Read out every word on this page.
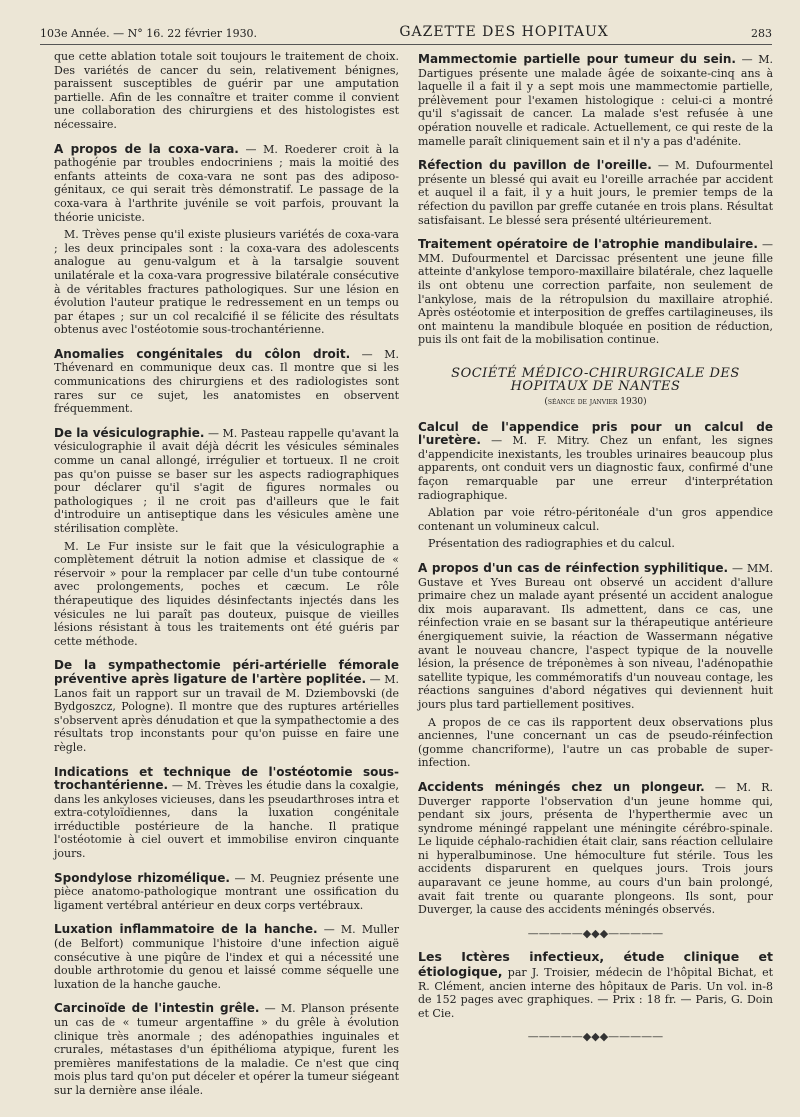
103e Année. — N° 16. 22 février 1930.	GAZETTE DES HOPITAUX	283

que cette ablation totale soit toujours le traitement de choix. Des variétés de cancer du sein, relativement bénignes, paraissent susceptibles de guérir par une amputation partielle. Afin de les connaître et traiter comme il convient une collaboration des chirurgiens et des histologistes est nécessaire.

A propos de la coxa-vara. — M. Roederer croit à la pathogénie par troubles endocriniens ; mais la moitié des enfants atteints de coxa-vara ne sont pas des adiposo-génitaux, ce qui serait très démonstratif. Le passage de la coxa-vara à l'arthrite juvénile se voit parfois, prouvant la théorie uniciste.

M. Trèves pense qu'il existe plusieurs variétés de coxa-vara ; les deux principales sont : la coxa-vara des adolescents analogue au genu-valgum et à la tarsalgie souvent unilatérale et la coxa-vara progressive bilatérale consécutive à de véritables fractures pathologiques. Sur une lésion en évolution l'auteur pratique le redressement en un temps ou par étapes ; sur un col recalcifié il se félicite des résultats obtenus avec l'ostéotomie sous-trochantérienne.

Anomalies congénitales du côlon droit. — M. Thévenard en communique deux cas. Il montre que si les communications des chirurgiens et des radiologistes sont rares sur ce sujet, les anatomistes en observent fréquemment.

De la vésiculographie. — M. Pasteau rappelle qu'avant la vésiculographie il avait déjà décrit les vésicules séminales comme un canal allongé, irrégulier et tortueux. Il ne croit pas qu'on puisse se baser sur les aspects radiographiques pour déclarer qu'il s'agit de figures normales ou pathologiques ; il ne croit pas d'ailleurs que le fait d'introduire un antiseptique dans les vésicules amène une stérilisation complète.

M. Le Fur insiste sur le fait que la vésiculographie a complètement détruit la notion admise et classique de « réservoir » pour la remplacer par celle d'un tube contourné avec prolongements, poches et cæcum. Le rôle thérapeutique des liquides désinfectants injectés dans les vésicules ne lui paraît pas douteux, puisque de vieilles lésions résistant à tous les traitements ont été guéris par cette méthode.

De la sympathectomie péri-artérielle fémorale préventive après ligature de l'artère poplitée. — M. Lanos fait un rapport sur un travail de M. Dziembovski (de Bydgoszcz, Pologne). Il montre que des ruptures artérielles s'observent après dénudation et que la sympathectomie a des résultats trop inconstants pour qu'on puisse en faire une règle.

Indications et technique de l'ostéotomie sous-trochantérienne. — M. Trèves les étudie dans la coxalgie, dans les ankyloses vicieuses, dans les pseudarthroses intra et extra-cotyloïdiennes, dans la luxation congénitale irréductible postérieure de la hanche. Il pratique l'ostéotomie à ciel ouvert et immobilise environ cinquante jours.

Spondylose rhizomélique. — M. Peugniez présente une pièce anatomo-pathologique montrant une ossification du ligament vertébral antérieur en deux corps vertébraux.

Luxation inflammatoire de la hanche. — M. Muller (de Belfort) communique l'histoire d'une infection aiguë consécutive à une piqûre de l'index et qui a nécessité une double arthrotomie du genou et laissé comme séquelle une luxation de la hanche gauche.

Carcinoïde de l'intestin grêle. — M. Planson présente un cas de « tumeur argentaffine » du grêle à évolution clinique très anormale ; des adénopathies inguinales et crurales, métastases d'un épithélioma atypique, furent les premières manifestations de la maladie. Ce n'est que cinq mois plus tard qu'on put déceler et opérer la tumeur siégeant sur la dernière anse iléale.

Mammectomie partielle pour tumeur du sein. — M. Dartigues présente une malade âgée de soixante-cinq ans à laquelle il a fait il y a sept mois une mammectomie partielle, prélèvement pour l'examen histologique : celui-ci a montré qu'il s'agissait de cancer. La malade s'est refusée à une opération nouvelle et radicale. Actuellement, ce qui reste de la mamelle paraît cliniquement sain et il n'y a pas d'adénite.

Réfection du pavillon de l'oreille. — M. Dufourmentel présente un blessé qui avait eu l'oreille arrachée par accident et auquel il a fait, il y a huit jours, le premier temps de la réfection du pavillon par greffe cutanée en trois plans. Résultat satisfaisant. Le blessé sera présenté ultérieurement.

Traitement opératoire de l'atrophie mandibulaire. — MM. Dufourmentel et Darcissac présentent une jeune fille atteinte d'ankylose temporo-maxillaire bilatérale, chez laquelle ils ont obtenu une correction parfaite, non seulement de l'ankylose, mais de la rétropulsion du maxillaire atrophié. Après ostéotomie et interposition de greffes cartilagineuses, ils ont maintenu la mandibule bloquée en position de réduction, puis ils ont fait de la mobilisation continue.

SOCIÉTÉ MÉDICO-CHIRURGICALE DES HOPITAUX DE NANTES
(séance de janvier 1930)

Calcul de l'appendice pris pour un calcul de l'uretère. — M. F. Mitry. Chez un enfant, les signes d'appendicite inexistants, les troubles urinaires beaucoup plus apparents, ont conduit vers un diagnostic faux, confirmé d'une façon remarquable par une erreur d'interprétation radiographique.

Ablation par voie rétro-péritonéale d'un gros appendice contenant un volumineux calcul.

Présentation des radiographies et du calcul.

A propos d'un cas de réinfection syphilitique. — MM. Gustave et Yves Bureau ont observé un accident d'allure primaire chez un malade ayant présenté un accident analogue dix mois auparavant. Ils admettent, dans ce cas, une réinfection vraie en se basant sur la thérapeutique antérieure énergiquement suivie, la réaction de Wassermann négative avant le nouveau chancre, l'aspect typique de la nouvelle lésion, la présence de tréponèmes à son niveau, l'adénopathie satellite typique, les commémoratifs d'un nouveau contage, les réactions sanguines d'abord négatives qui deviennent huit jours plus tard partiellement positives.

A propos de ce cas ils rapportent deux observations plus anciennes, l'une concernant un cas de pseudo-réinfection (gomme chancriforme), l'autre un cas probable de super-infection.

Accidents méningés chez un plongeur. — M. R. Duverger rapporte l'observation d'un jeune homme qui, pendant six jours, présenta de l'hyperthermie avec un syndrome méningé rappelant une méningite cérébro-spinale. Le liquide céphalo-rachidien était clair, sans réaction cellulaire ni hyperalbuminose. Une hémoculture fut stérile. Tous les accidents disparurent en quelques jours. Trois jours auparavant ce jeune homme, au cours d'un bain prolongé, avait fait trente ou quarante plongeons. Ils sont, pour Duverger, la cause des accidents méningés observés.

—————◆◆◆—————

Les Ictères infectieux, étude clinique et étiologique, par J. Troisier, médecin de l'hôpital Bichat, et R. Clément, ancien interne des hôpitaux de Paris. Un vol. in-8 de 152 pages avec graphiques. — Prix : 18 fr. — Paris, G. Doin et Cie.

—————◆◆◆—————
